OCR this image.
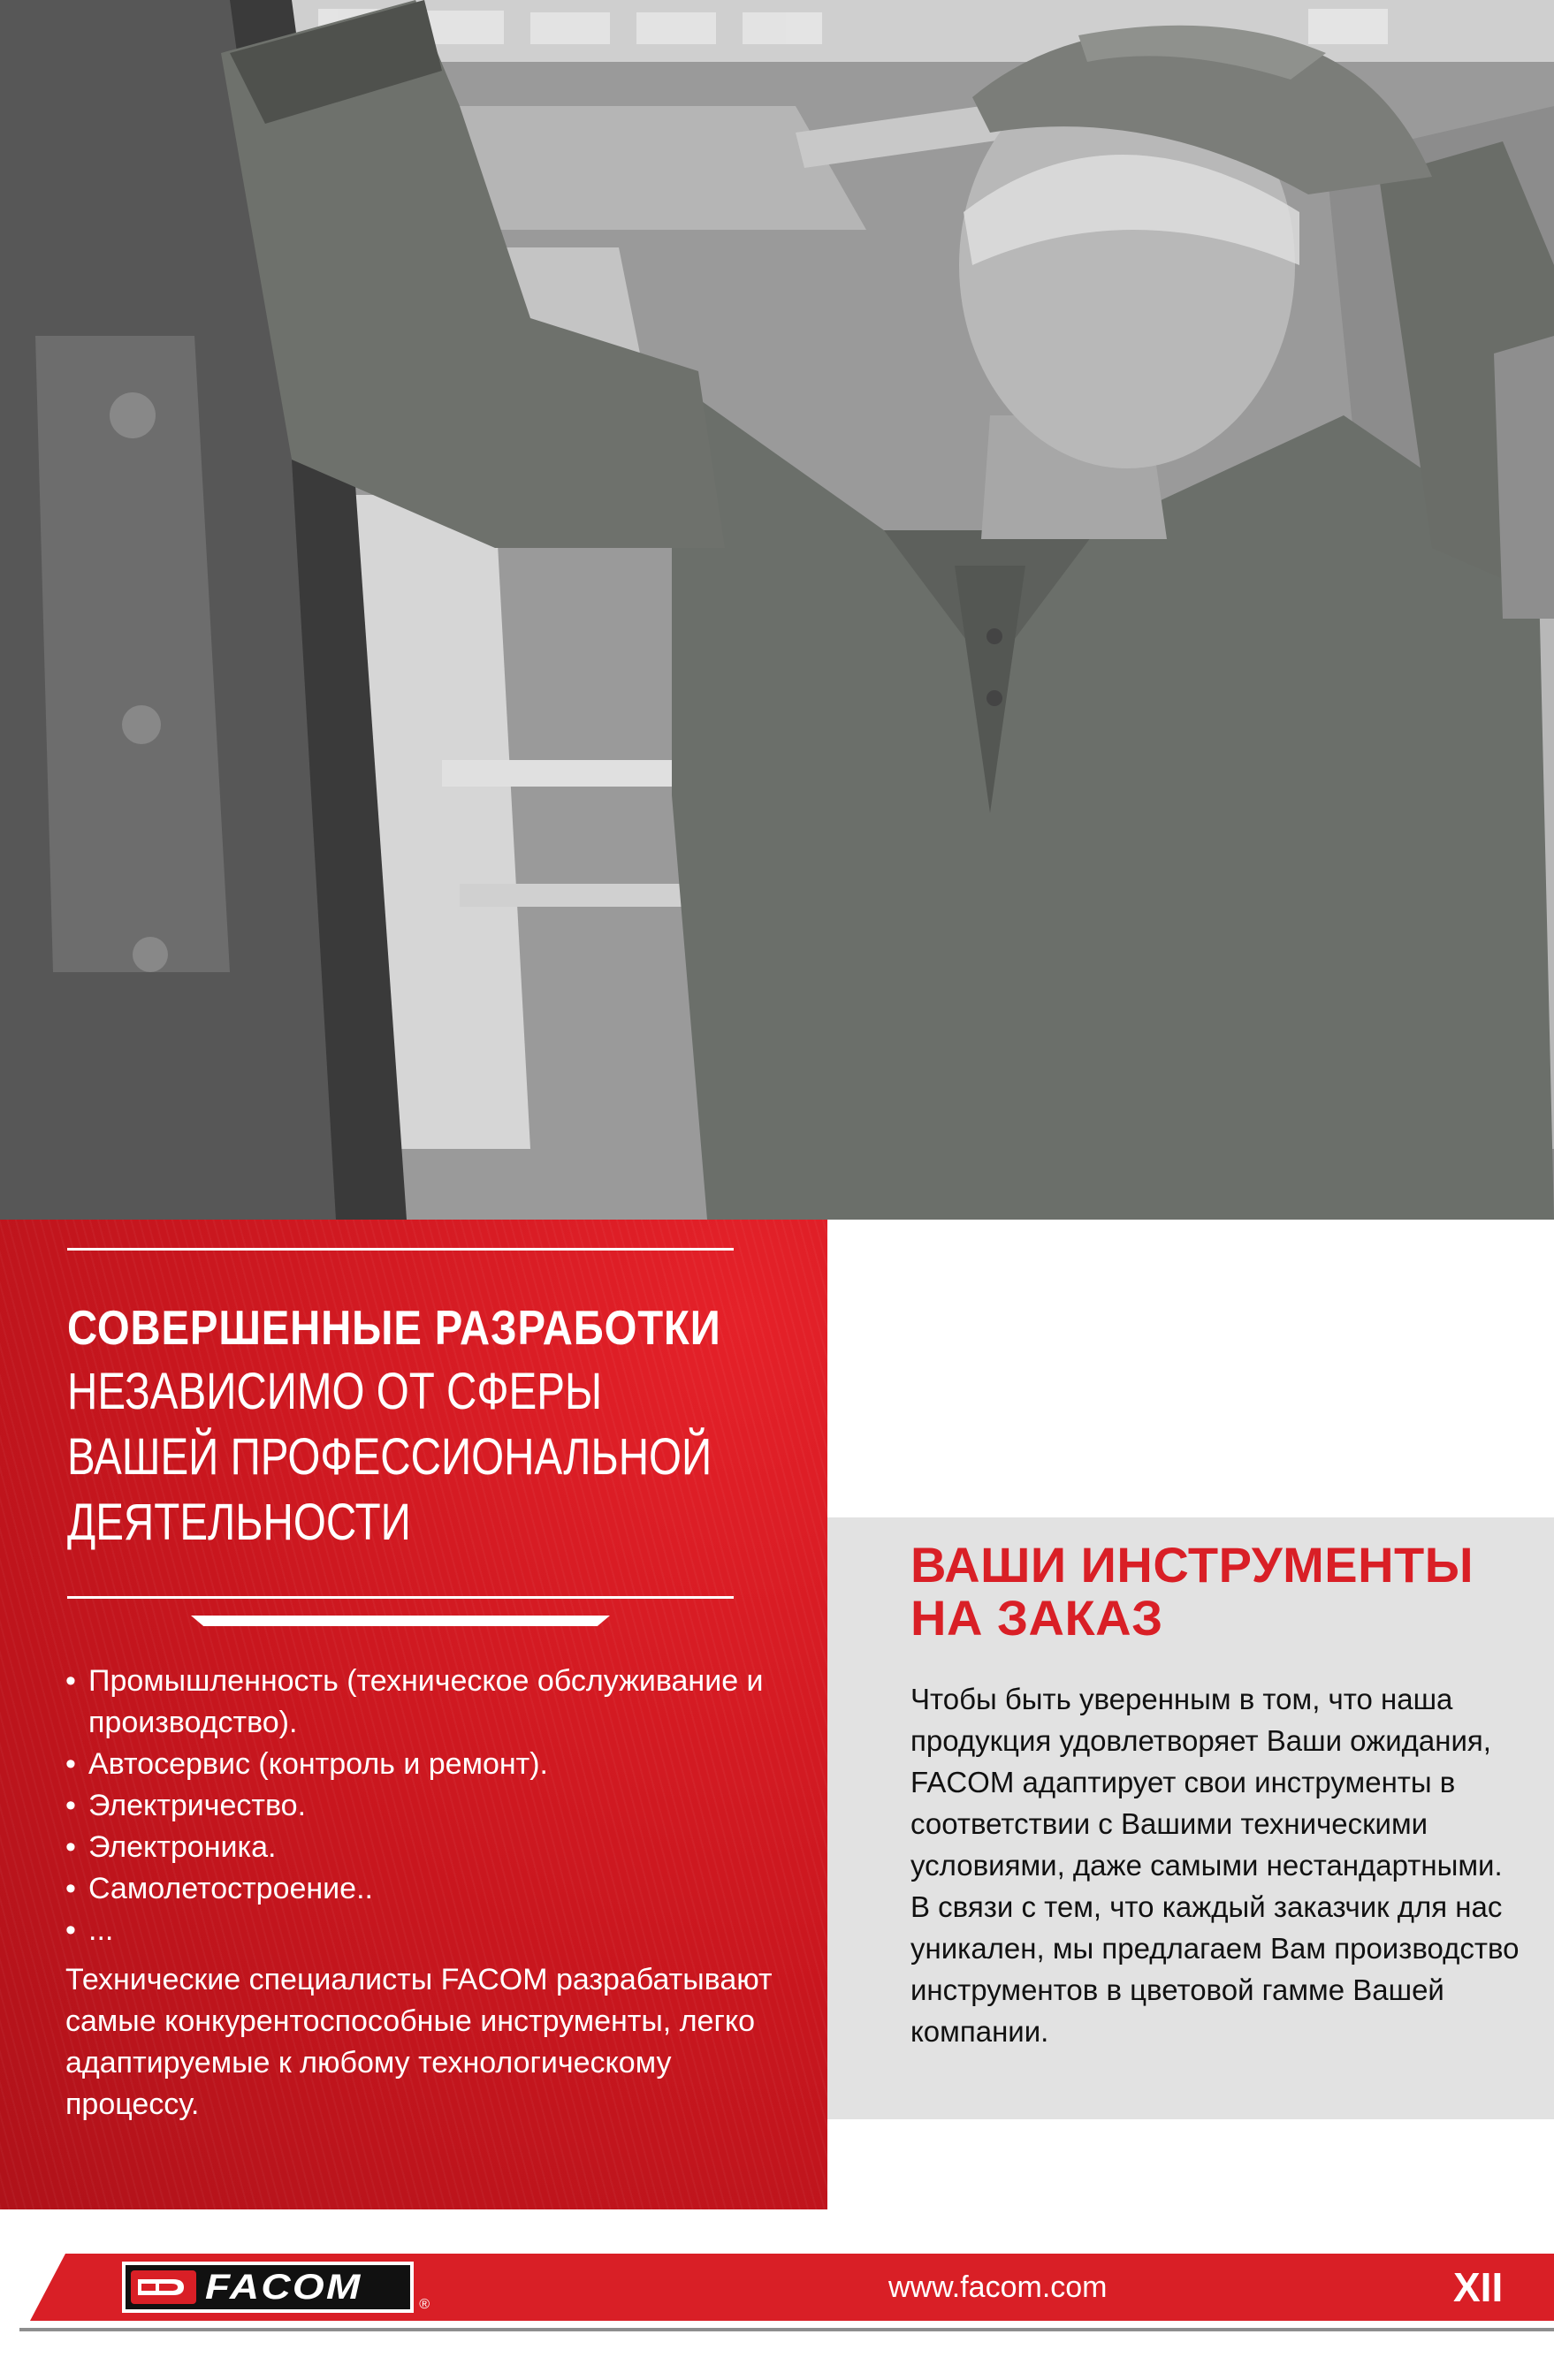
СОВЕРШЕННЫЕ РАЗРАБОТКИ
НЕЗАВИСИМО ОТ СФЕРЫ
ВАШЕЙ ПРОФЕССИОНАЛЬНОЙ
ДЕЯТЕЛЬНОСТИ
• Промышленность (техническое обслуживание и производство).
• Автосервис (контроль и ремонт).
• Электричество.
• Электроника.
• Самолетостроение..
• ...

Технические специалисты FACOM разрабатывают самые конкурентоспособные инструменты, легко адаптируемые к любому технологическому процессу.

ВАШИ ИНСТРУМЕНТЫ
НА ЗАКАЗ

Чтобы быть уверенным в том, что наша продукция удовлетворяет Ваши ожидания, FACOM адаптирует свои инструменты в соответствии с Вашими техническими условиями, даже самыми нестандартными. В связи с тем, что каждый заказчик для нас уникален, мы предлагаем Вам производство инструментов в цветовой гамме Вашей компании.

FACOM	®
www.facom.com	XII
